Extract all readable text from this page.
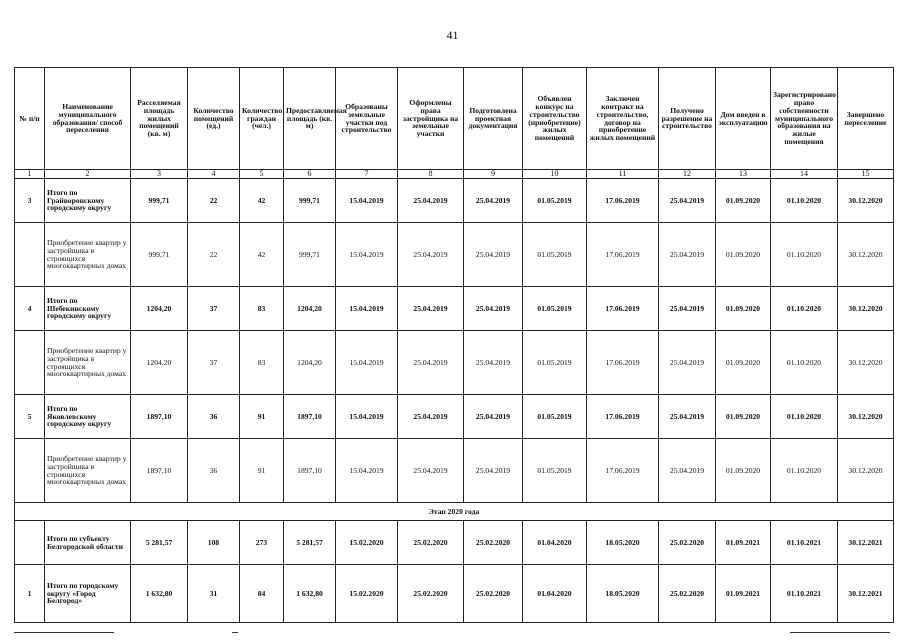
41
№ п/п	Наименование муниципального образования/ способ переселения	Расселяемая площадь жилых помещений (кв. м)	Количество помещений (ед.)	Количество граждан (чел.)	Предоставляемая площадь (кв. м)	Образованы земельные участки под строительство	Оформлены права застройщика на земельные участки	Подготовлена проектная документация	Объявлен конкурс на строительство (приобретение) жилых помещений	Заключен контракт на строительство, договор на приобретение жилых помещений	Получено разрешение на строительство	Дом введен в эксплуатацию	Зарегистрировано право собственности муниципального образования на жилые помещения	Завершено переселение
1	2	3	4	5	6	7	8	9	10	11	12	13	14	15
3	Итого по Грайворонскому городскому округу	999,71	22	42	999,71	15.04.2019	25.04.2019	25.04.2019	01.05.2019	17.06.2019	25.04.2019	01.09.2020	01.10.2020	30.12.2020
	Приобретение квартир у застройщика в строящихся многоквартирных домах	999,71	22	42	999,71	15.04.2019	25.04.2019	25.04.2019	01.05.2019	17.06.2019	25.04.2019	01.09.2020	01.10.2020	30.12.2020
4	Итого по Шебекинскому городскому округу	1204,20	37	83	1204,20	15.04.2019	25.04.2019	25.04.2019	01.05.2019	17.06.2019	25.04.2019	01.09.2020	01.10.2020	30.12.2020
	Приобретение квартир у застройщика в строящихся многоквартирных домах	1204,20	37	83	1204,20	15.04.2019	25.04.2019	25.04.2019	01.05.2019	17.06.2019	25.04.2019	01.09.2020	01.10.2020	30.12.2020
5	Итого по Яковлевскому городскому округу	1897,10	36	91	1897,10	15.04.2019	25.04.2019	25.04.2019	01.05.2019	17.06.2019	25.04.2019	01.09.2020	01.10.2020	30.12.2020
	Приобретение квартир у застройщика в строящихся многоквартирных домах	1897,10	36	91	1897,10	15.04.2019	25.04.2019	25.04.2019	01.05.2019	17.06.2019	25.04.2019	01.09.2020	01.10.2020	30.12.2020
Этап 2020 года														
	Итого по субъекту Белгородской области	5 281,57	108	273	5 281,57	15.02.2020	25.02.2020	25.02.2020	01.04.2020	18.05.2020	25.02.2020	01.09.2021	01.10.2021	30.12.2021
1	Итого по городскому округу «Город Белгород»	1 632,80	31	84	1 632,80	15.02.2020	25.02.2020	25.02.2020	01.04.2020	18.05.2020	25.02.2020	01.09.2021	01.10.2021	30.12.2021
